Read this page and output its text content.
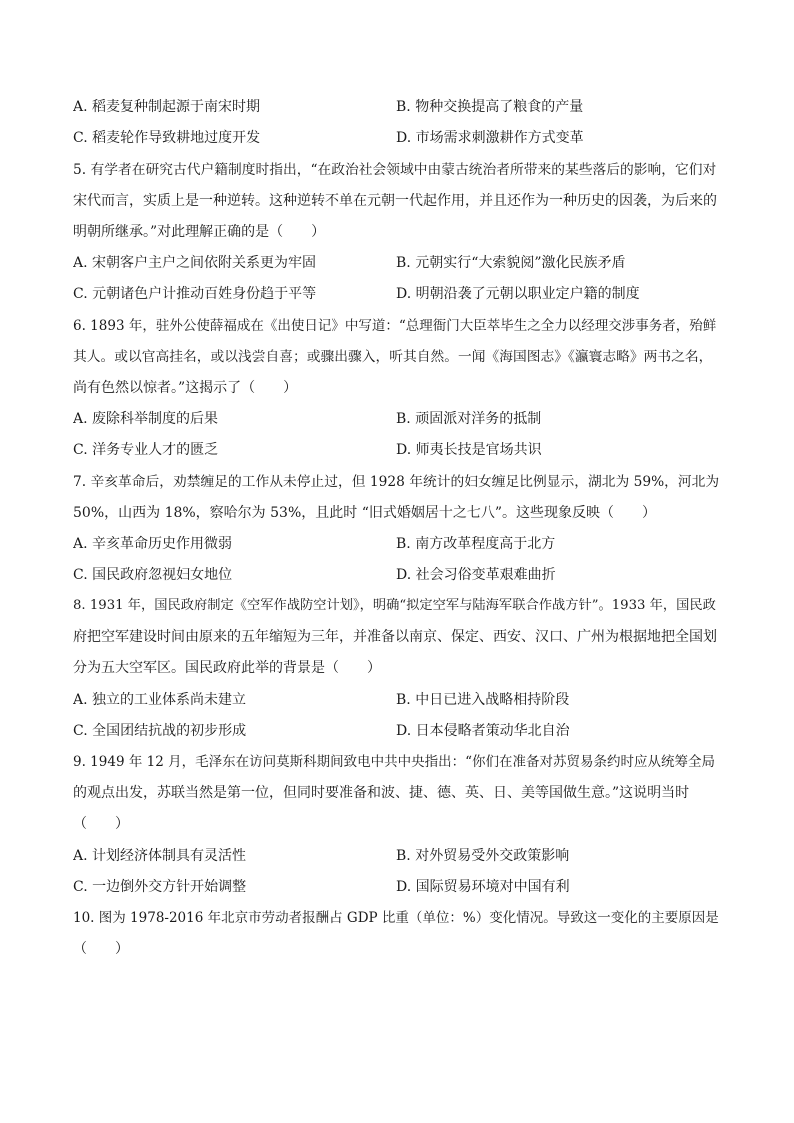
A. 稻麦复种制起源于南宋时期	B. 物种交换提高了粮食的产量
C. 稻麦轮作导致耕地过度开发	D. 市场需求刺激耕作方式变革
5. 有学者在研究古代户籍制度时指出，“在政治社会领域中由蒙古统治者所带来的某些落后的影响，它们对
宋代而言，实质上是一种逆转。这种逆转不单在元朝一代起作用，并且还作为一种历史的因袭，为后来的
明朝所继承。”对此理解正确的是（　　）
A. 宋朝客户主户之间依附关系更为牢固	B. 元朝实行“大索貌阅”激化民族矛盾
C. 元朝诸色户计推动百姓身份趋于平等	D. 明朝沿袭了元朝以职业定户籍的制度
6. 1893 年，驻外公使薛福成在《出使日记》中写道：“总理衙门大臣萃毕生之全力以经理交涉事务者，殆鲜
其人。或以官高挂名，或以浅尝自喜；或骤出骤入，听其自然。一闻《海国图志》《瀛寰志略》两书之名，
尚有色然以惊者。”这揭示了（　　）
A. 废除科举制度的后果	B. 顽固派对洋务的抵制
C. 洋务专业人才的匮乏	D. 师夷长技是官场共识
7. 辛亥革命后，劝禁缠足的工作从未停止过，但 1928 年统计的妇女缠足比例显示，湖北为 59%，河北为
50%，山西为 18%，察哈尔为 53%，且此时 “旧式婚姻居十之七八”。这些现象反映（　　）
A. 辛亥革命历史作用微弱	B. 南方改革程度高于北方
C. 国民政府忽视妇女地位	D. 社会习俗变革艰难曲折
8. 1931 年，国民政府制定《空军作战防空计划》，明确“拟定空军与陆海军联合作战方针”。1933 年，国民政
府把空军建设时间由原来的五年缩短为三年，并准备以南京、保定、西安、汉口、广州为根据地把全国划
分为五大空军区。国民政府此举的背景是（　　）
A. 独立的工业体系尚未建立	B. 中日已进入战略相持阶段
C. 全国团结抗战的初步形成	D. 日本侵略者策动华北自治
9. 1949 年 12 月，毛泽东在访问莫斯科期间致电中共中央指出：“你们在准备对苏贸易条约时应从统筹全局
的观点出发，苏联当然是第一位，但同时要准备和波、捷、德、英、日、美等国做生意。”这说明当时
（　　）
A. 计划经济体制具有灵活性	B. 对外贸易受外交政策影响
C. 一边倒外交方针开始调整	D. 国际贸易环境对中国有利
10. 图为 1978-2016 年北京市劳动者报酬占 GDP 比重（单位：%）变化情况。导致这一变化的主要原因是
（　　）
